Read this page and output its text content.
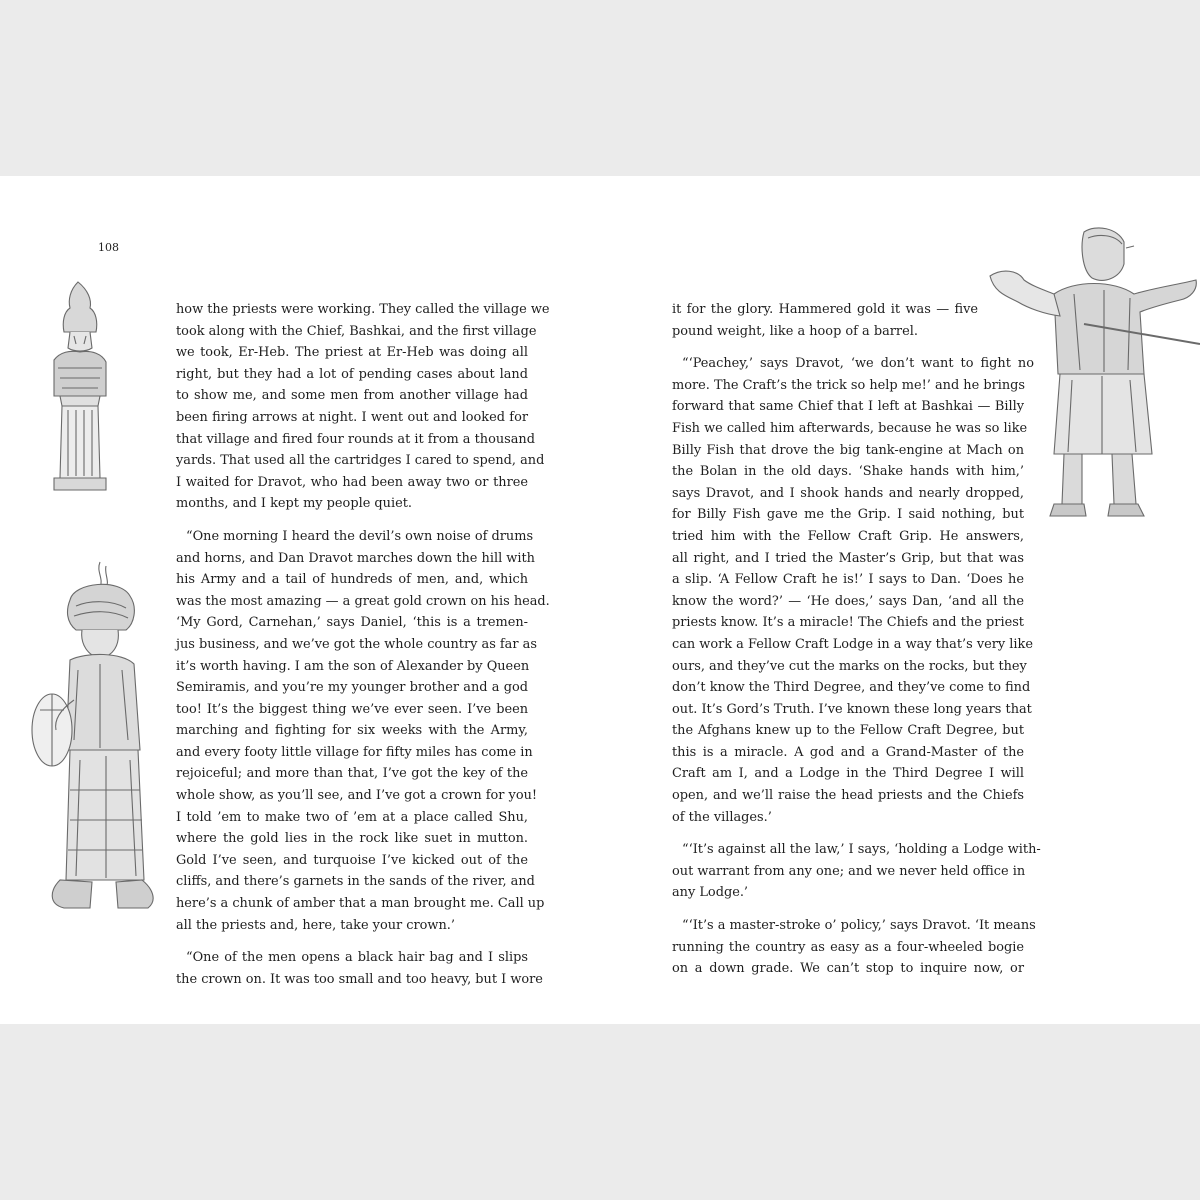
108

how the priests were working. They called the village we
took along with the Chief, Bashkai, and the first village
we took, Er-Heb. The priest at Er-Heb was doing all
right, but they had a lot of pending cases about land
to show me, and some men from another village had
been firing arrows at night. I went out and looked for
that village and fired four rounds at it from a thousand
yards. That used all the cartridges I cared to spend, and
I waited for Dravot, who had been away two or three
months, and I kept my people quiet.

“One morning I heard the devil’s own noise of drums
and horns, and Dan Dravot marches down the hill with
his Army and a tail of hundreds of men, and, which
was the most amazing — a great gold crown on his head.
‘My Gord, Carnehan,’ says Daniel, ‘this is a tremen-
jus business, and we’ve got the whole country as far as
it’s worth having. I am the son of Alexander by Queen
Semiramis, and you’re my younger brother and a god
too! It’s the biggest thing we’ve ever seen. I’ve been
marching and fighting for six weeks with the Army,
and every footy little village for fifty miles has come in
rejoiceful; and more than that, I’ve got the key of the
whole show, as you’ll see, and I’ve got a crown for you!
I told ’em to make two of ’em at a place called Shu,
where the gold lies in the rock like suet in mutton.
Gold I’ve seen, and turquoise I’ve kicked out of the
cliffs, and there’s garnets in the sands of the river, and
here’s a chunk of amber that a man brought me. Call up
all the priests and, here, take your crown.’

“One of the men opens a black hair bag and I slips
the crown on. It was too small and too heavy, but I wore

it for the glory. Hammered gold it was — five
pound weight, like a hoop of a barrel.

“‘Peachey,’ says Dravot, ‘we don’t want to fight no
more. The Craft’s the trick so help me!’ and he brings
forward that same Chief that I left at Bashkai — Billy
Fish we called him afterwards, because he was so like
Billy Fish that drove the big tank-engine at Mach on
the Bolan in the old days. ‘Shake hands with him,’
says Dravot, and I shook hands and nearly dropped,
for Billy Fish gave me the Grip. I said nothing, but
tried him with the Fellow Craft Grip. He answers,
all right, and I tried the Master’s Grip, but that was
a slip. ‘A Fellow Craft he is!’ I says to Dan. ‘Does he
know the word?’ — ‘He does,’ says Dan, ‘and all the
priests know. It’s a miracle! The Chiefs and the priest
can work a Fellow Craft Lodge in a way that’s very like
ours, and they’ve cut the marks on the rocks, but they
don’t know the Third Degree, and they’ve come to find
out. It’s Gord’s Truth. I’ve known these long years that
the Afghans knew up to the Fellow Craft Degree, but
this is a miracle. A god and a Grand-Master of the
Craft am I, and a Lodge in the Third Degree I will
open, and we’ll raise the head priests and the Chiefs
of the villages.’

“‘It’s against all the law,’ I says, ‘holding a Lodge with-
out warrant from any one; and we never held office in
any Lodge.’

“‘It’s a master-stroke o’ policy,’ says Dravot. ‘It means
running the country as easy as a four-wheeled bogie
on a down grade. We can’t stop to inquire now, or
